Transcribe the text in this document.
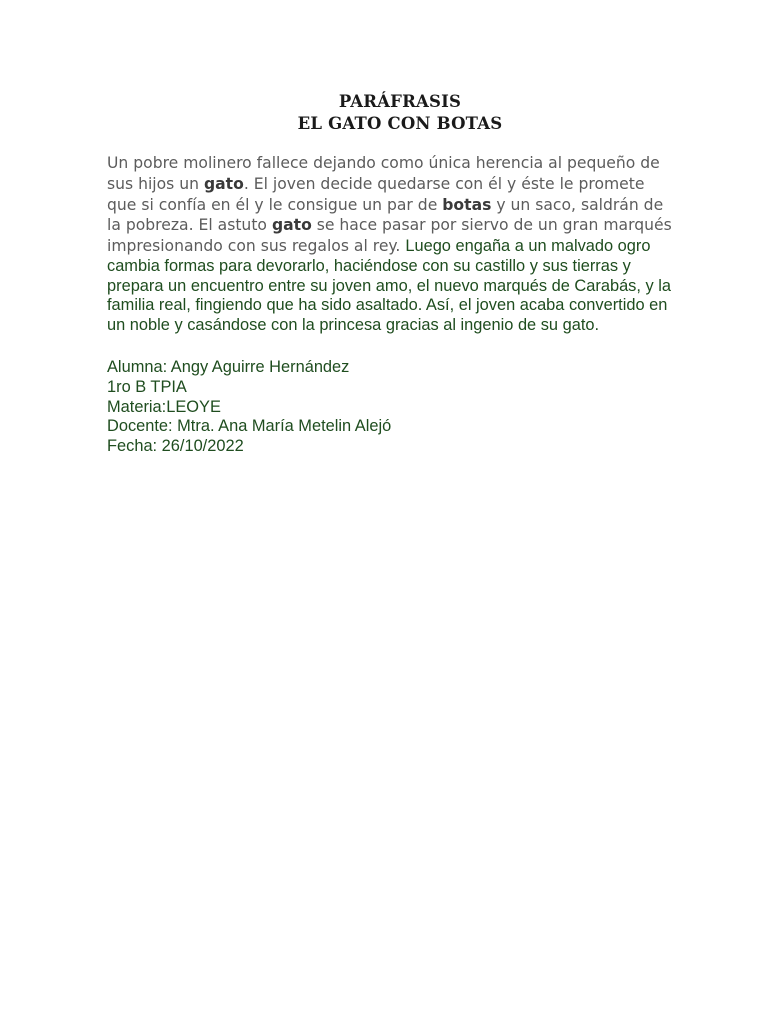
PARÁFRASIS
EL GATO CON BOTAS
Un pobre molinero fallece dejando como única herencia al pequeño de sus hijos un gato. El joven decide quedarse con él y éste le promete que si confía en él y le consigue un par de botas y un saco, saldrán de la pobreza. El astuto gato se hace pasar por siervo de un gran marqués impresionando con sus regalos al rey. Luego engaña a un malvado ogro cambia formas para devorarlo, haciéndose con su castillo y sus tierras y prepara un encuentro entre su joven amo, el nuevo marqués de Carabás, y la familia real, fingiendo que ha sido asaltado. Así, el joven acaba convertido en un noble y casándose con la princesa gracias al ingenio de su gato.
Alumna: Angy Aguirre Hernández
1ro B TPIA
Materia:LEOYE
Docente: Mtra. Ana María Metelin Alejó
Fecha: 26/10/2022
